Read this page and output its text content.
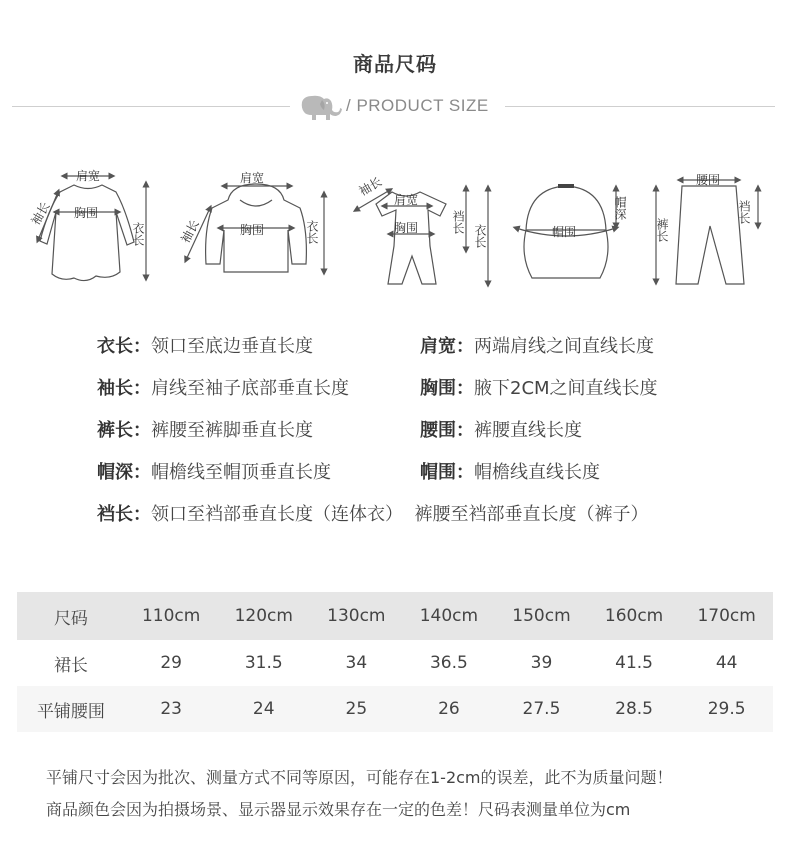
商品尺码
/ PRODUCT SIZE
肩宽
胸围
袖长
衣长
肩宽
胸围
袖长	衣长
袖长
肩宽
胸围	裆长
衣长	帽围
帽深
腰围
裤长
裆长
衣长：领口至底边垂直长度	肩宽：两端肩线之间直线长度
袖长：肩线至袖子底部垂直长度	胸围：腋下2CM之间直线长度
裤长：裤腰至裤脚垂直长度	腰围：裤腰直线长度
帽深：帽檐线至帽顶垂直长度	帽围：帽檐线直线长度
裆长：领口至裆部垂直长度（连体衣）  裤腰至裆部垂直长度（裤子）
尺码	110cm	120cm	130cm	140cm	150cm	160cm	170cm
裙长	29	31.5	34	36.5	39	41.5	44
平铺腰围	23	24	25	26	27.5	28.5	29.5
平铺尺寸会因为批次、测量方式不同等原因，可能存在1-2cm的误差，此不为质量问题！
商品颜色会因为拍摄场景、显示器显示效果存在一定的色差！尺码表测量单位为cm
